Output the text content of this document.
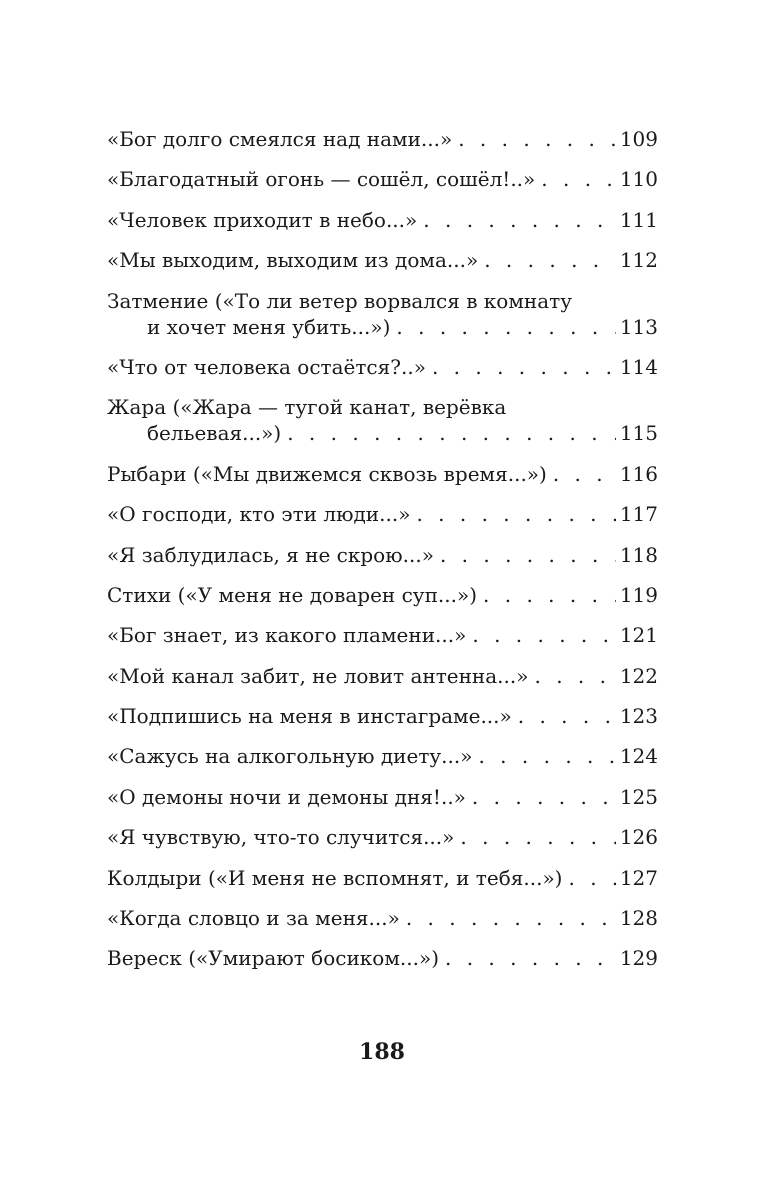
«Бог долго смеялся над нами...» . . .	109
«Благодатный огонь — сошёл, сошёл!..» . . .	110
«Человек приходит в небо...» . . .	111
«Мы выходим, выходим из дома...» . . .	112
Затмение («То ли ветер ворвался в комнату
и хочет меня убить...») . . .	113
«Что от человека остаётся?..» . . .	114
Жара («Жара — тугой канат, верёвка
бельевая...») . . .	115
Рыбари («Мы движемся сквозь время...») . . .	116
«О господи, кто эти люди...» . . .	117
«Я заблудилась, я не скрою...» . . .	118
Стихи («У меня не доварен суп...») . . .	119
«Бог знает, из какого пламени...» . . .	121
«Мой канал забит, не ловит антенна...» . . .	122
«Подпишись на меня в инстаграме...» . . .	123
«Сажусь на алкогольную диету...» . . .	124
«О демоны ночи и демоны дня!..» . . .	125
«Я чувствую, что-то случится...» . . .	126
Колдыри («И меня не вспомнят, и тебя...») . . .	127
«Когда словцо и за меня...» . . .	128
Вереск («Умирают босиком...») . . .	129
188
